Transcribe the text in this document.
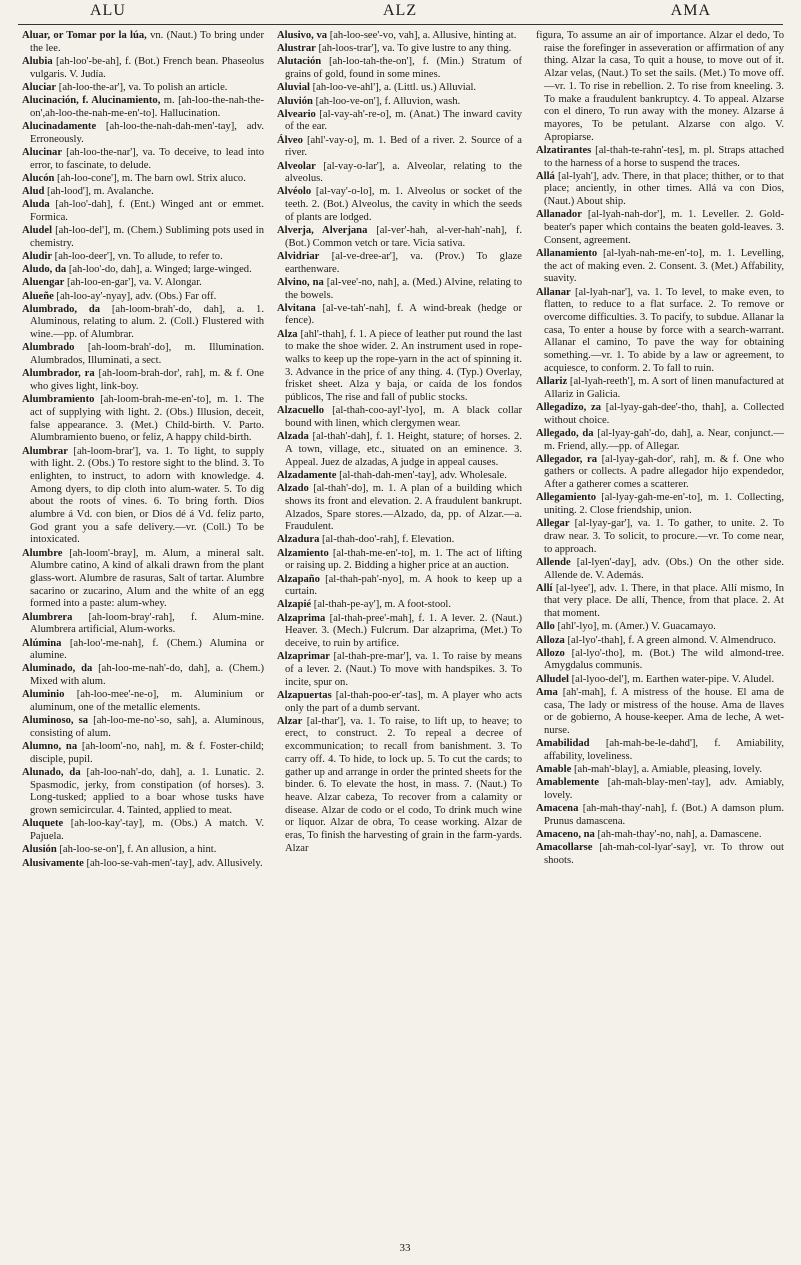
ALU	ALZ	AMA

Aluar, or Tomar por la lúa, vn. (Naut.) To bring under the lee.

Alubia [ah-loo'-be-ah], f. (Bot.) French bean. Phaseolus vulgaris. V. Judía.

Aluciar [ah-loo-the-ar'], va. To polish an article.

Alucinación, f. Alucinamiento, m. [ah-loo-the-nah-the-on',ah-loo-the-nah-me-en'-to]. Hallucination.

Alucinadamente [ah-loo-the-nah-dah-men'-tay], adv. Erroneously.

Alucinar [ah-loo-the-nar'], va. To deceive, to lead into error, to fascinate, to delude.

Alucón [ah-loo-cone'], m. The barn owl. Strix aluco.

Alud [ah-lood'], m. Avalanche.

Aluda [ah-loo'-dah], f. (Ent.) Winged ant or emmet. Formica.

Aludel [ah-loo-del'], m. (Chem.) Subliming pots used in chemistry.

Aludir [ah-loo-deer'], vn. To allude, to refer to.

Aludo, da [ah-loo'-do, dah], a. Winged; large-winged.

Aluengar [ah-loo-en-gar'], va. V. Alongar.

Alueñe [ah-loo-ay'-nyay], adv. (Obs.) Far off.

Alumbrado, da [ah-loom-brah'-do, dah], a. 1. Aluminous, relating to alum. 2. (Coll.) Flustered with wine.—pp. of Alumbrar.

Alumbrado [ah-loom-brah'-do], m. Illumination. Alumbrados, Illuminati, a sect.

Alumbrador, ra [ah-loom-brah-dor', rah], m. & f. One who gives light, link-boy.

Alumbramiento [ah-loom-brah-me-en'-to], m. 1. The act of supplying with light. 2. (Obs.) Illusion, deceit, false appearance. 3. (Met.) Child-birth. V. Parto. Alumbramiento bueno, or feliz, A happy child-birth.

Alumbrar [ah-loom-brar'], va. 1. To light, to supply with light. 2. (Obs.) To restore sight to the blind. 3. To enlighten, to instruct, to adorn with knowledge. 4. Among dyers, to dip cloth into alum-water. 5. To dig about the roots of vines. 6. To bring forth. Dios alumbre á Vd. con bien, or Dios dé á Vd. feliz parto, God grant you a safe delivery.—vr. (Coll.) To be intoxicated.

Alumbre [ah-loom'-bray], m. Alum, a mineral salt. Alumbre catino, A kind of alkali drawn from the plant glass-wort. Alumbre de rasuras, Salt of tartar. Alumbre sacarino or zucarino, Alum and the white of an egg formed into a paste: alum-whey.

Alumbrera [ah-loom-bray'-rah], f. Alum-mine. Alumbrera artificial, Alum-works.

Alúmina [ah-loo'-me-nah], f. (Chem.) Alumina or alumine.

Aluminado, da [ah-loo-me-nah'-do, dah], a. (Chem.) Mixed with alum.

Aluminio [ah-loo-mee'-ne-o], m. Aluminium or aluminum, one of the metallic elements.

Aluminoso, sa [ah-loo-me-no'-so, sah], a. Aluminous, consisting of alum.

Alumno, na [ah-loom'-no, nah], m. & f. Foster-child; disciple, pupil.

Alunado, da [ah-loo-nah'-do, dah], a. 1. Lunatic. 2. Spasmodic, jerky, from constipation (of horses). 3. Long-tusked; applied to a boar whose tusks have grown semicircular. 4. Tainted, applied to meat.

Aluquete [ah-loo-kay'-tay], m. (Obs.) A match. V. Pajuela.

Alusión [ah-loo-se-on'], f. An allusion, a hint.

Alusivamente [ah-loo-se-vah-men'-tay], adv. Allusively.

Alusivo, va [ah-loo-see'-vo, vah], a. Allusive, hinting at.

Alustrar [ah-loos-trar'], va. To give lustre to any thing.

Alutación [ah-loo-tah-the-on'], f. (Min.) Stratum of grains of gold, found in some mines.

Aluvial [ah-loo-ve-ahl'], a. (Littl. us.) Alluvial.

Aluvión [ah-loo-ve-on'], f. Alluvion, wash.

Alveario [al-vay-ah'-re-o], m. (Anat.) The inward cavity of the ear.

Álveo [ahl'-vay-o], m. 1. Bed of a river. 2. Source of a river.

Alveolar [al-vay-o-lar'], a. Alveolar, relating to the alveolus.

Alvéolo [al-vay'-o-lo], m. 1. Alveolus or socket of the teeth. 2. (Bot.) Alveolus, the cavity in which the seeds of plants are lodged.

Alverja, Alverjana [al-ver'-hah, al-ver-hah'-nah], f. (Bot.) Common vetch or tare. Vicia sativa.

Alvidriar [al-ve-dree-ar'], va. (Prov.) To glaze earthenware.

Alvino, na [al-vee'-no, nah], a. (Med.) Alvine, relating to the bowels.

Alvitana [al-ve-tah'-nah], f. A wind-break (hedge or fence).

Alza [ahl'-thah], f. 1. A piece of leather put round the last to make the shoe wider. 2. An instrument used in rope-walks to keep up the rope-yarn in the act of spinning it. 3. Advance in the price of any thing. 4. (Typ.) Overlay, frisket sheet. Alza y baja, or caída de los fondos públicos, The rise and fall of public stocks.

Alzacuello [al-thah-coo-ayl'-lyo], m. A black collar bound with linen, which clergymen wear.

Alzada [al-thah'-dah], f. 1. Height, stature; of horses. 2. A town, village, etc., situated on an eminence. 3. Appeal. Juez de alzadas, A judge in appeal causes.

Alzadamente [al-thah-dah-men'-tay], adv. Wholesale.

Alzado [al-thah'-do], m. 1. A plan of a building which shows its front and elevation. 2. A fraudulent bankrupt. Alzados, Spare stores.—Alzado, da, pp. of Alzar.—a. Fraudulent.

Alzadura [al-thah-doo'-rah], f. Elevation.

Alzamiento [al-thah-me-en'-to], m. 1. The act of lifting or raising up. 2. Bidding a higher price at an auction.

Alzapaño [al-thah-pah'-nyo], m. A hook to keep up a curtain.

Alzapié [al-thah-pe-ay'], m. A foot-stool.

Alzaprima [al-thah-pree'-mah], f. 1. A lever. 2. (Naut.) Heaver. 3. (Mech.) Fulcrum. Dar alzaprima, (Met.) To deceive, to ruin by artifice.

Alzaprimar [al-thah-pre-mar'], va. 1. To raise by means of a lever. 2. (Naut.) To move with handspikes. 3. To incite, spur on.

Alzapuertas [al-thah-poo-er'-tas], m. A player who acts only the part of a dumb servant.

Alzar [al-thar'], va. 1. To raise, to lift up, to heave; to erect, to construct. 2. To repeal a decree of excommunication; to recall from banishment. 3. To carry off. 4. To hide, to lock up. 5. To cut the cards; to gather up and arrange in order the printed sheets for the binder. 6. To elevate the host, in mass. 7. (Naut.) To heave. Alzar cabeza, To recover from a calamity or disease. Alzar de codo or el codo, To drink much wine or liquor. Alzar de obra, To cease working. Alzar de eras, To finish the harvesting of grain in the farm-yards. Alzar

figura, To assume an air of importance. Alzar el dedo, To raise the forefinger in asseveration or affirmation of any thing. Alzar la casa, To quit a house, to move out of it. Alzar velas, (Naut.) To set the sails. (Met.) To move off.—vr. 1. To rise in rebellion. 2. To rise from kneeling. 3. To make a fraudulent bankruptcy. 4. To appeal. Alzarse con el dinero, To run away with the money. Alzarse á mayores, To be petulant. Alzarse con algo. V. Apropiarse.

Alzatirantes [al-thah-te-rahn'-tes], m. pl. Straps attached to the harness of a horse to suspend the traces.

Allá [al-lyah'], adv. There, in that place; thither, or to that place; anciently, in other times. Allá va con Dios, (Naut.) About ship.

Allanador [al-lyah-nah-dor'], m. 1. Leveller. 2. Gold-beater's paper which contains the beaten gold-leaves. 3. Consent, agreement.

Allanamiento [al-lyah-nah-me-en'-to], m. 1. Levelling, the act of making even. 2. Consent. 3. (Met.) Affability, suavity.

Allanar [al-lyah-nar'], va. 1. To level, to make even, to flatten, to reduce to a flat surface. 2. To remove or overcome difficulties. 3. To pacify, to subdue. Allanar la casa, To enter a house by force with a search-warrant. Allanar el camino, To pave the way for obtaining something.—vr. 1. To abide by a law or agreement, to acquiesce, to conform. 2. To fall to ruin.

Allariz [al-lyah-reeth'], m. A sort of linen manufactured at Allariz in Galicia.

Allegadizo, za [al-lyay-gah-dee'-tho, thah], a. Collected without choice.

Allegado, da [al-lyay-gah'-do, dah], a. Near, conjunct.—m. Friend, ally.—pp. of Allegar.

Allegador, ra [al-lyay-gah-dor', rah], m. & f. One who gathers or collects. A padre allegador hijo expendedor, After a gatherer comes a scatterer.

Allegamiento [al-lyay-gah-me-en'-to], m. 1. Collecting, uniting. 2. Close friendship, union.

Allegar [al-lyay-gar'], va. 1. To gather, to unite. 2. To draw near. 3. To solicit, to procure.—vr. To come near, to approach.

Allende [al-lyen'-day], adv. (Obs.) On the other side. Allende de. V. Además.

Allí [al-lyee'], adv. 1. There, in that place. Allí mismo, In that very place. De allí, Thence, from that place. 2. At that moment.

Allo [ahl'-lyo], m. (Amer.) V. Guacamayo.

Alloza [al-lyo'-thah], f. A green almond. V. Almendruco.

Allozo [al-lyo'-tho], m. (Bot.) The wild almond-tree. Amygdalus communis.

Alludel [al-lyoo-del'], m. Earthen water-pipe. V. Aludel.

Ama [ah'-mah], f. A mistress of the house. El ama de casa, The lady or mistress of the house. Ama de llaves or de gobierno, A house-keeper. Ama de leche, A wet-nurse.

Amabilidad [ah-mah-be-le-dahd'], f. Amiability, affability, loveliness.

Amable [ah-mah'-blay], a. Amiable, pleasing, lovely.

Amablemente [ah-mah-blay-men'-tay], adv. Amiably, lovely.

Amacena [ah-mah-thay'-nah], f. (Bot.) A damson plum. Prunus damascena.

Amaceno, na [ah-mah-thay'-no, nah], a. Damascene.

Amacollarse [ah-mah-col-lyar'-say], vr. To throw out shoots.

33
